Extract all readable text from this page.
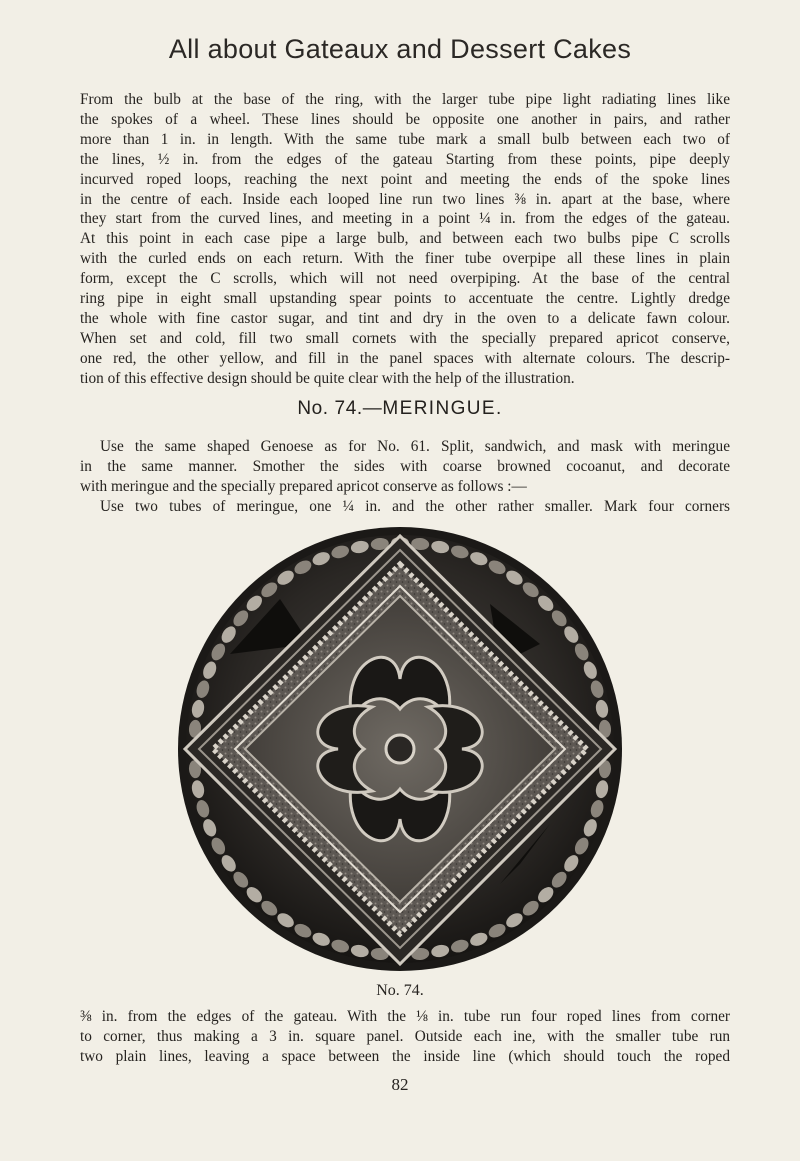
All about Gateaux and Dessert Cakes

From the bulb at the base of the ring, with the larger tube pipe light radiating lines like
the spokes of a wheel. These lines should be opposite one another in pairs, and rather
more than 1 in. in length. With the same tube mark a small bulb between each two of
the lines, ½ in. from the edges of the gateau Starting from these points, pipe deeply
incurved roped loops, reaching the next point and meeting the ends of the spoke lines
in the centre of each. Inside each looped line run two lines ⅜ in. apart at the base, where
they start from the curved lines, and meeting in a point ¼ in. from the edges of the gateau.
At this point in each case pipe a large bulb, and between each two bulbs pipe C scrolls
with the curled ends on each return. With the finer tube overpipe all these lines in plain
form, except the C scrolls, which will not need overpiping. At the base of the central
ring pipe in eight small upstanding spear points to accentuate the centre. Lightly dredge
the whole with fine castor sugar, and tint and dry in the oven to a delicate fawn colour.
When set and cold, fill two small cornets with the specially prepared apricot conserve,
one red, the other yellow, and fill in the panel spaces with alternate colours. The descrip-
tion of this effective design should be quite clear with the help of the illustration.

No. 74.—MERINGUE.

Use the same shaped Genoese as for No. 61. Split, sandwich, and mask with meringue
in the same manner. Smother the sides with coarse browned cocoanut, and decorate
with meringue and the specially prepared apricot conserve as follows :—
Use two tubes of meringue, one ¼ in. and the other rather smaller. Mark four corners

No. 74.

⅜ in. from the edges of the gateau. With the ⅛ in. tube run four roped lines from corner
to corner, thus making a 3 in. square panel. Outside each ine, with the smaller tube run
two plain lines, leaving a space between the inside line (which should touch the roped

82
